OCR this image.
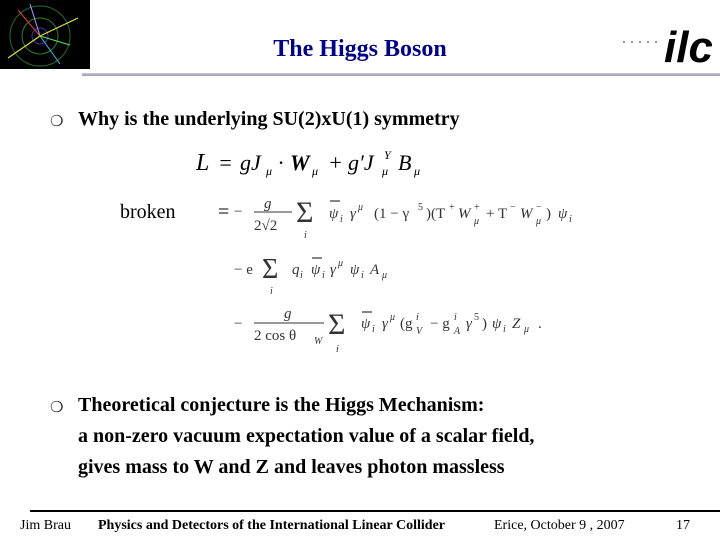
ilc
The Higgs Boson
❍ Why is the underlying SU(2)xU(1) symmetry
L = gJ μ · W μ + g′J Y
μ B μ
broken = − g
2√2 Σ
i
ψ i γ μ (1 − γ 5 )(T + W +
μ + T − W −
μ ) ψ i
− e Σ
i
q i ψ i γ μ ψ i A μ
−
g
2 cos θ W
Σ
i
ψ i γ μ (g i
V − g i
A γ 5 ) ψ i Z μ .
❍ Theoretical conjecture is the Higgs Mechanism:
a non-zero vacuum expectation value of a scalar field,
gives mass to W and Z and leaves photon massless
Jim Brau Physics and Detectors of the International Linear Collider	Erice, October 9 , 2007	17
